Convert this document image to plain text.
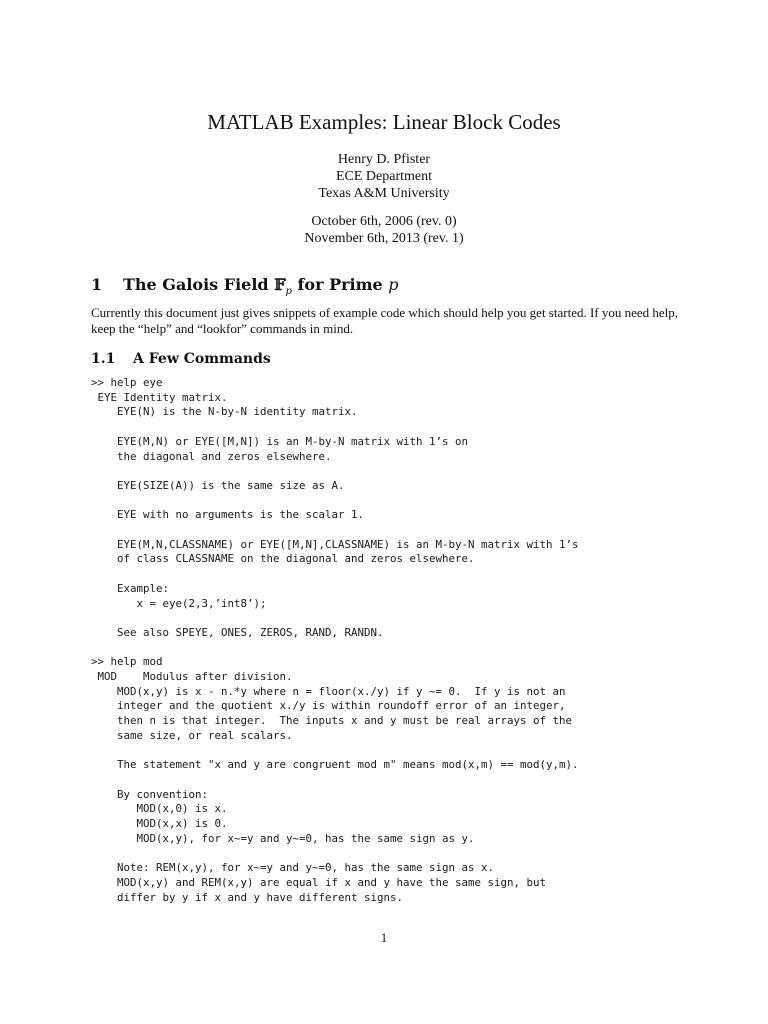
MATLAB Examples: Linear Block Codes
Henry D. Pfister
ECE Department
Texas A&M University
October 6th, 2006 (rev. 0)
November 6th, 2013 (rev. 1)
1 The Galois Field 𝔽$_p$ for Prime p
Currently this document just gives snippets of example code which should help you get started. If you need help, keep the “help” and “lookfor” commands in mind.
1.1 A Few Commands
>> help eye
EYE Identity matrix.
EYE(N) is the N-by-N identity matrix.

EYE(M,N) or EYE([M,N]) is an M-by-N matrix with 1’s on
the diagonal and zeros elsewhere.

EYE(SIZE(A)) is the same size as A.

EYE with no arguments is the scalar 1.

EYE(M,N,CLASSNAME) or EYE([M,N],CLASSNAME) is an M-by-N matrix with 1’s
of class CLASSNAME on the diagonal and zeros elsewhere.

Example:
x = eye(2,3,’int8’);

See also SPEYE, ONES, ZEROS, RAND, RANDN.

>> help mod
MOD    Modulus after division.
MOD(x,y) is x - n.*y where n = floor(x./y) if y ~= 0.  If y is not an
integer and the quotient x./y is within roundoff error of an integer,
then n is that integer.  The inputs x and y must be real arrays of the
same size, or real scalars.

The statement "x and y are congruent mod m" means mod(x,m) == mod(y,m).

By convention:
MOD(x,0) is x.
MOD(x,x) is 0.
MOD(x,y), for x~=y and y~=0, has the same sign as y.

Note: REM(x,y), for x~=y and y~=0, has the same sign as x.
MOD(x,y) and REM(x,y) are equal if x and y have the same sign, but
differ by y if x and y have different signs.
1
